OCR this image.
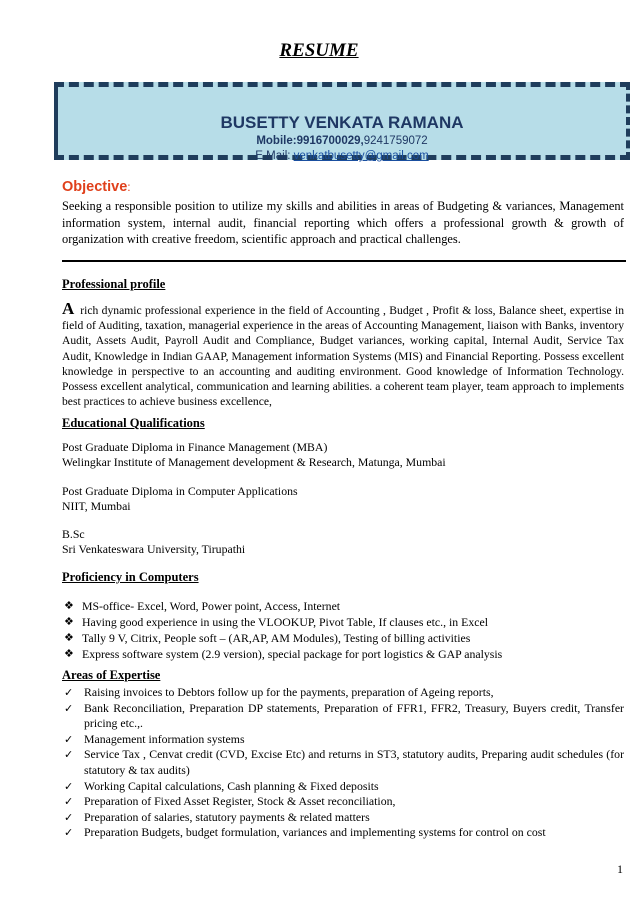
RESUME
BUSETTY VENKATA RAMANA
Mobile:9916700029,9241759072
E Mail: venkatbusetty@gmail.com
Objective:
Seeking a responsible position to utilize my skills and abilities in areas of Budgeting & variances, Management information system, internal audit, financial reporting which offers a professional growth & growth of organization with creative freedom, scientific approach and practical challenges.
Professional profile
A rich dynamic professional experience in the field of Accounting , Budget , Profit & loss, Balance sheet, expertise in field of Auditing, taxation, managerial experience in the areas of Accounting Management, liaison with Banks, inventory Audit, Assets Audit, Payroll Audit and Compliance, Budget variances, working capital, Internal Audit, Service Tax Audit, Knowledge in Indian GAAP, Management information Systems (MIS) and Financial Reporting. Possess excellent knowledge in perspective to an accounting and auditing environment. Good knowledge of Information Technology. Possess excellent analytical, communication and learning abilities. a coherent team player, team approach to implements best practices to achieve business excellence,
Educational Qualifications
Post Graduate Diploma in Finance Management (MBA)
Welingkar Institute of Management development & Research, Matunga, Mumbai
Post Graduate Diploma in Computer Applications
NIIT, Mumbai
B.Sc
Sri Venkateswara University, Tirupathi
Proficiency in Computers
❖ MS-office- Excel, Word, Power point, Access, Internet
❖ Having good experience in using the VLOOKUP, Pivot Table, If clauses etc., in Excel
❖ Tally 9 V, Citrix, People soft – (AR,AP, AM Modules), Testing of billing activities
❖ Express software system (2.9 version), special package for port logistics & GAP analysis
Areas of Expertise
✓ Raising invoices to Debtors follow up for the payments, preparation of Ageing reports,
✓ Bank Reconciliation, Preparation DP statements, Preparation of FFR1, FFR2, Treasury, Buyers credit, Transfer pricing etc.,.
✓ Management information systems
✓ Service Tax , Cenvat credit (CVD, Excise Etc) and returns in ST3, statutory audits, Preparing audit schedules (for statutory & tax audits)
✓ Working Capital calculations, Cash planning & Fixed deposits
✓ Preparation of Fixed Asset Register, Stock & Asset reconciliation,
✓ Preparation of salaries, statutory payments & related matters
✓ Preparation Budgets, budget formulation, variances and implementing systems for control on cost
1
